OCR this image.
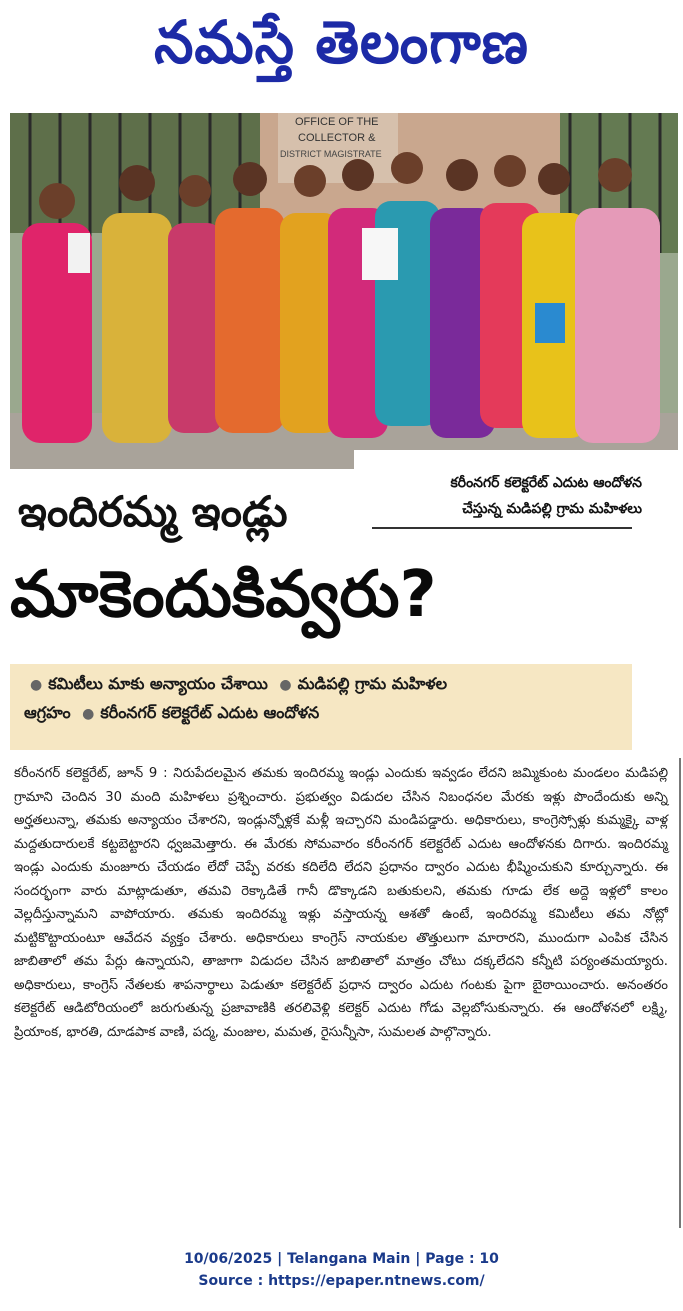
నమస్తే తెలంగాణ
OFFICE OF THE
COLLECTOR &
DISTRICT MAGISTRATE
కరీంనగర్ కలెక్టరేట్ ఎదుట ఆందోళన
చేస్తున్న మడిపల్లి గ్రామ మహిళలు
ఇందిరమ్మ ఇండ్లు
మాకెందుకివ్వరు?
● కమిటీలు మాకు అన్యాయం చేశాయి ● మడిపల్లి గ్రామ మహిళల
ఆగ్రహం ● కరీంనగర్ కలెక్టరేట్ ఎదుట ఆందోళన

కరీంనగర్ కలెక్టరేట్, జూన్ 9 : నిరుపేదలమైన తమకు ఇందిరమ్మ ఇండ్లు ఎందుకు ఇవ్వడం లేదని జమ్మికుంట మండలం మడిపల్లి గ్రామాని చెందిన 30 మంది మహిళలు ప్రశ్నించారు. ప్రభుత్వం విడుదల చేసిన నిబంధనల మేరకు ఇళ్లు పొందేందుకు అన్ని అర్హతలున్నా, తమకు అన్యాయం చేశారని, ఇండ్లున్నోళ్లకే మళ్లీ ఇచ్చారని మండిపడ్డారు. అధికారులు, కాంగ్రెస్సోళ్లు కుమ్మక్కై వాళ్ల మద్దతుదారులకే కట్టబెట్టారని ధ్వజమెత్తారు. ఈ మేరకు సోమవారం కరీంనగర్ కలెక్టరేట్ ఎదుట ఆందోళనకు దిగారు. ఇందిరమ్మ ఇండ్లు ఎందుకు మంజూరు చేయడం లేదో చెప్పే వరకు కదిలేది లేదని ప్రధానం ద్వారం ఎదుట భీష్మించుకుని కూర్చున్నారు. ఈ సందర్భంగా వారు మాట్లాడుతూ, తమవి రెక్కాడితే గానీ డొక్కాడని బతుకులని, తమకు గూడు లేక అద్దె ఇళ్లలో కాలం వెల్లదీస్తున్నామని వాపోయారు. తమకు ఇందిరమ్మ ఇళ్లు వస్తాయన్న ఆశతో ఉంటే, ఇందిరమ్మ కమిటీలు తమ నోట్లో మట్టికొట్టాయంటూ ఆవేదన వ్యక్తం చేశారు. అధికారులు కాంగ్రెస్ నాయకుల తొత్తులుగా మారారని, ముందుగా ఎంపిక చేసిన జాబితాలో తమ పేర్లు ఉన్నాయని, తాజాగా విడుదల చేసిన జాబితాలో మాత్రం చోటు దక్కలేదని కన్నీటి పర్యంతమయ్యారు. అధికారులు, కాంగ్రెస్ నేతలకు శాపనార్థాలు పెడుతూ కలెక్టరేట్ ప్రధాన ద్వారం ఎదుట గంటకు పైగా బైఠాయించారు. అనంతరం కలెక్టరేట్ ఆడిటోరియంలో జరుగుతున్న ప్రజావాణికి తరలివెళ్లి కలెక్టర్ ఎదుట గోడు వెల్లబోసుకున్నారు. ఈ ఆందోళనలో లక్ష్మి, ప్రియాంక, భారతి, దూడపాక వాణి, పద్మ, మంజుల, మమత, రైసున్నీసా, సుమలత పాల్గొన్నారు.

10/06/2025 | Telangana Main | Page : 10
Source : https://epaper.ntnews.com/
